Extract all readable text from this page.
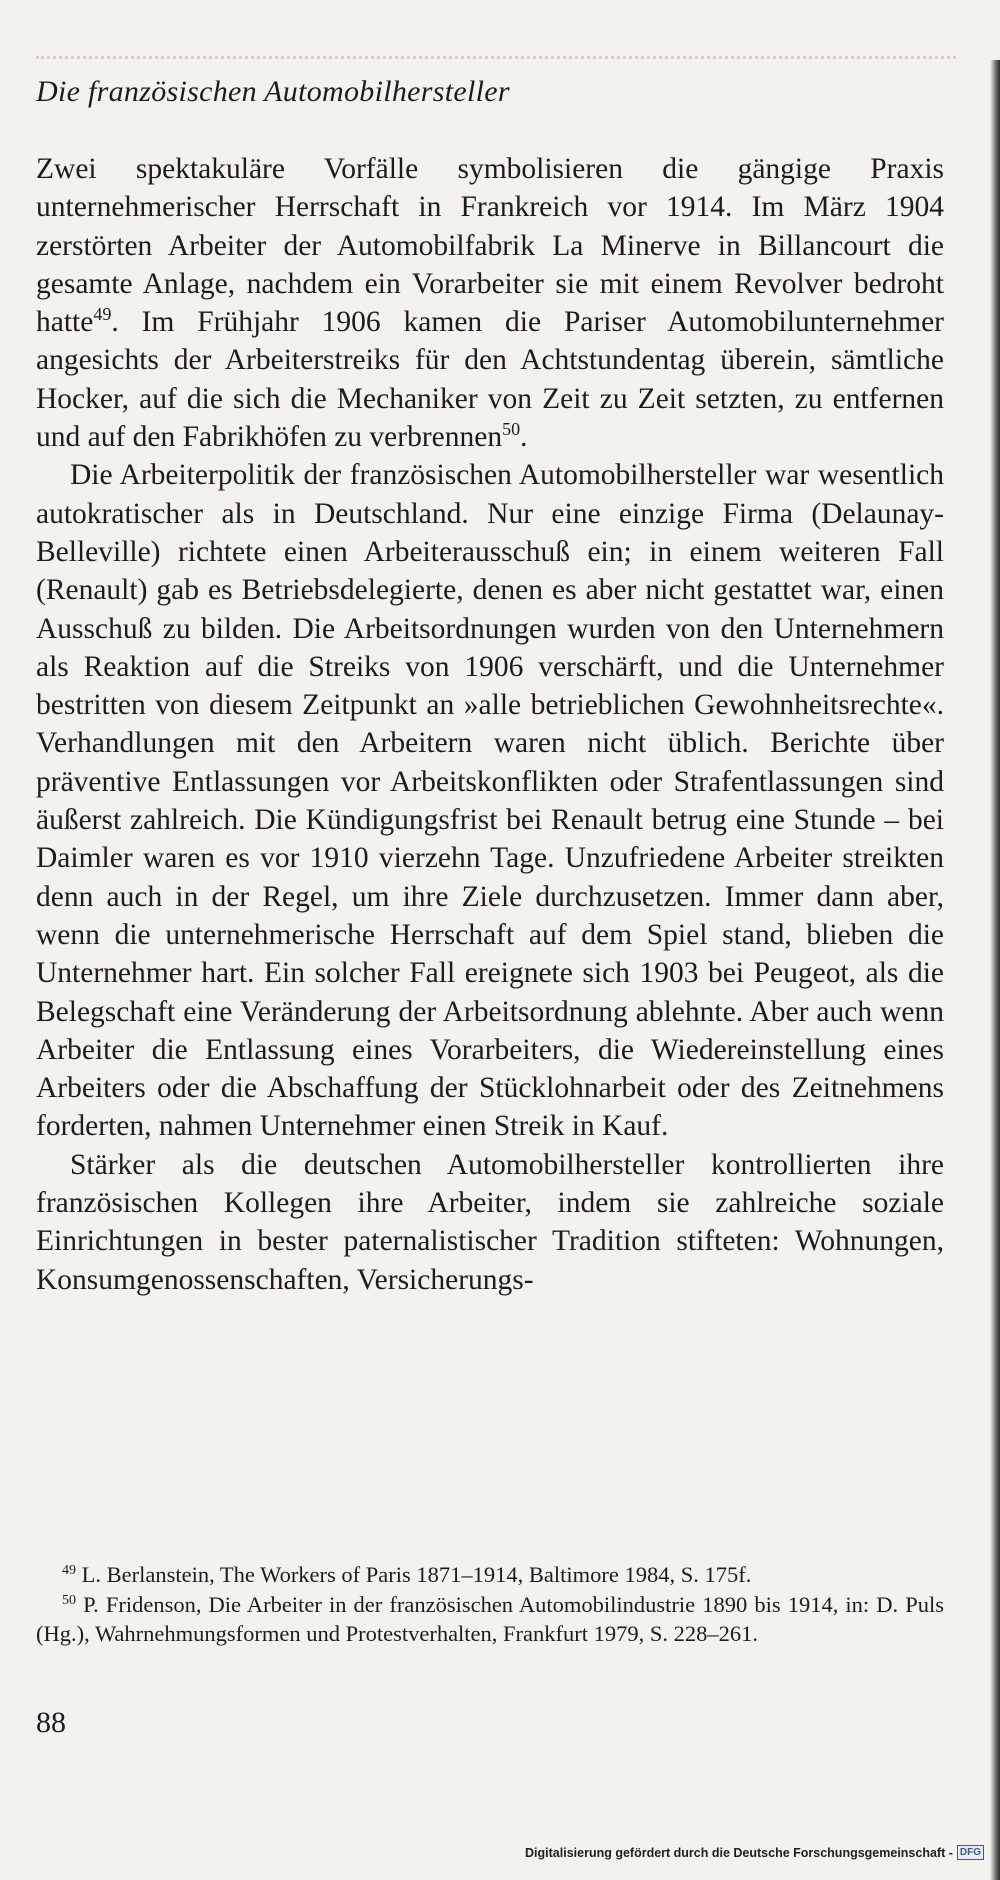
Die französischen Automobilhersteller

Zwei spektakuläre Vorfälle symbolisieren die gängige Praxis unternehmerischer Herrschaft in Frankreich vor 1914. Im März 1904 zerstörten Arbeiter der Automobilfabrik La Minerve in Billancourt die gesamte Anlage, nachdem ein Vorarbeiter sie mit einem Revolver bedroht hatte$^{49}$. Im Frühjahr 1906 kamen die Pariser Automobilunternehmer angesichts der Arbeiterstreiks für den Achtstundentag überein, sämtliche Hocker, auf die sich die Mechaniker von Zeit zu Zeit setzten, zu entfernen und auf den Fabrikhöfen zu verbrennen$^{50}$.

Die Arbeiterpolitik der französischen Automobilhersteller war wesentlich autokratischer als in Deutschland. Nur eine einzige Firma (Delaunay-Belleville) richtete einen Arbeiterausschuß ein; in einem weiteren Fall (Renault) gab es Betriebsdelegierte, denen es aber nicht gestattet war, einen Ausschuß zu bilden. Die Arbeitsordnungen wurden von den Unternehmern als Reaktion auf die Streiks von 1906 verschärft, und die Unternehmer bestritten von diesem Zeitpunkt an »alle betrieblichen Gewohnheitsrechte«. Verhandlungen mit den Arbeitern waren nicht üblich. Berichte über präventive Entlassungen vor Arbeitskonflikten oder Strafentlassungen sind äußerst zahlreich. Die Kündigungsfrist bei Renault betrug eine Stunde – bei Daimler waren es vor 1910 vierzehn Tage. Unzufriedene Arbeiter streikten denn auch in der Regel, um ihre Ziele durchzusetzen. Immer dann aber, wenn die unternehmerische Herrschaft auf dem Spiel stand, blieben die Unternehmer hart. Ein solcher Fall ereignete sich 1903 bei Peugeot, als die Belegschaft eine Veränderung der Arbeitsordnung ablehnte. Aber auch wenn Arbeiter die Entlassung eines Vorarbeiters, die Wiedereinstellung eines Arbeiters oder die Abschaffung der Stücklohnarbeit oder des Zeitnehmens forderten, nahmen Unternehmer einen Streik in Kauf.

Stärker als die deutschen Automobilhersteller kontrollierten ihre französischen Kollegen ihre Arbeiter, indem sie zahlreiche soziale Einrichtungen in bester paternalistischer Tradition stifteten: Wohnungen, Konsumgenossenschaften, Versicherungs-

$^{49}$ L. Berlanstein, The Workers of Paris 1871–1914, Baltimore 1984, S. 175f.

$^{50}$ P. Fridenson, Die Arbeiter in der französischen Automobilindustrie 1890 bis 1914, in: D. Puls (Hg.), Wahrnehmungsformen und Protestverhalten, Frankfurt 1979, S. 228–261.

88
Digitalisierung gefördert durch die Deutsche Forschungsgemeinschaft - DFG
